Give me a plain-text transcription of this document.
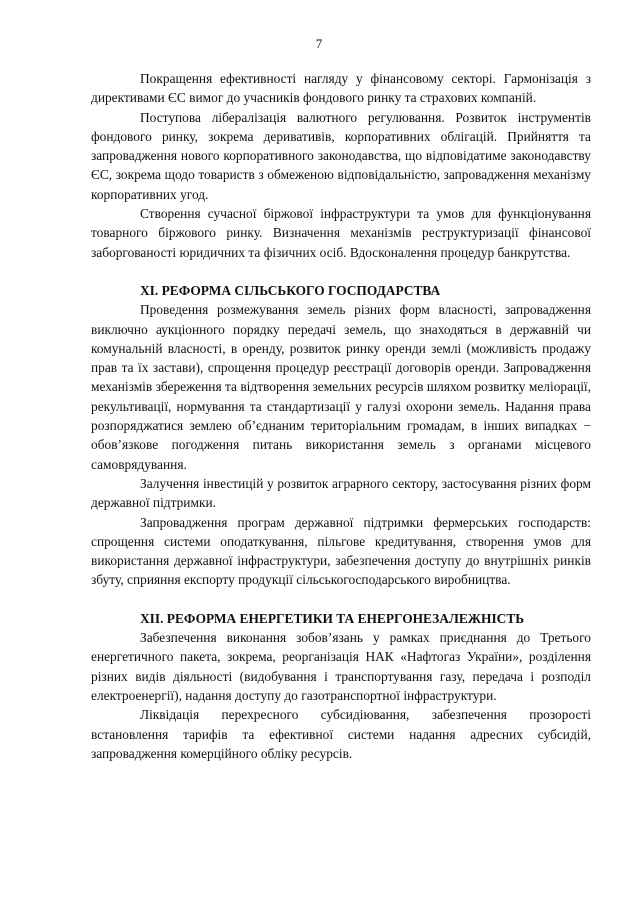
7

Покращення ефективності нагляду у фінансовому секторі. Гармонізація з директивами ЄС вимог до учасників фондового ринку та страхових компаній.

Поступова лібералізація валютного регулювання. Розвиток інструментів фондового ринку, зокрема деривативів, корпоративних облігацій. Прийняття та запровадження нового корпоративного законодавства, що відповідатиме законодавству ЄС, зокрема щодо товариств з обмеженою відповідальністю, запровадження механізму корпоративних угод.

Створення сучасної біржової інфраструктури та умов для функціонування товарного біржового ринку. Визначення механізмів реструктуризації фінансової заборгованості юридичних та фізичних осіб. Вдосконалення процедур банкрутства.

XI. РЕФОРМА СІЛЬСЬКОГО ГОСПОДАРСТВА

Проведення розмежування земель різних форм власності, запровадження виключно аукціонного порядку передачі земель, що знаходяться в державній чи комунальній власності, в оренду, розвиток ринку оренди землі (можливість продажу прав та їх застави), спрощення процедур реєстрації договорів оренди. Запровадження механізмів збереження та відтворення земельних ресурсів шляхом розвитку меліорації, рекультивації, нормування та стандартизації у галузі охорони земель. Надання права розпоряджатися землею об’єднаним територіальним громадам, в інших випадках − обов’язкове погодження питань використання земель з органами місцевого самоврядування.

Залучення інвестицій у розвиток аграрного сектору, застосування різних форм державної підтримки.

Запровадження програм державної підтримки фермерських господарств: спрощення системи оподаткування, пільгове кредитування, створення умов для використання державної інфраструктури, забезпечення доступу до внутрішніх ринків збуту, сприяння експорту продукції сільськогосподарського виробництва.

XII. РЕФОРМА ЕНЕРГЕТИКИ ТА ЕНЕРГОНЕЗАЛЕЖНІСТЬ

Забезпечення виконання зобов’язань у рамках приєднання до Третього енергетичного пакета, зокрема, реорганізація НАК «Нафтогаз України», розділення різних видів діяльності (видобування і транспортування газу, передача і розподіл електроенергії), надання доступу до газотранспортної інфраструктури.

Ліквідація перехресного субсидіювання, забезпечення прозорості встановлення тарифів та ефективної системи надання адресних субсидій, запровадження комерційного обліку ресурсів.
